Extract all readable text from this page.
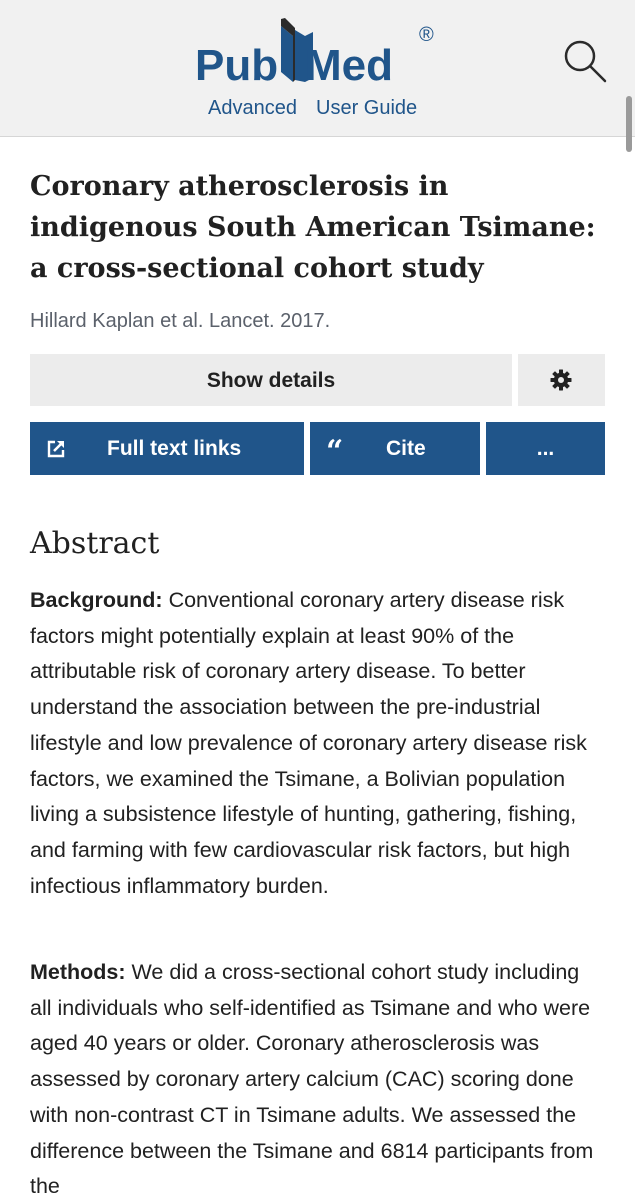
Pub Med
®
Advanced User Guide
Coronary atherosclerosis in indigenous South American Tsimane: a cross-sectional cohort study
Hillard Kaplan et al. Lancet. 2017.
Show details
Full text links	“ Cite	...
Abstract

Background: Conventional coronary artery disease risk factors might potentially explain at least 90% of the attributable risk of coronary artery disease. To better understand the association between the pre-industrial lifestyle and low prevalence of coronary artery disease risk factors, we examined the Tsimane, a Bolivian population living a subsistence lifestyle of hunting, gathering, fishing, and farming with few cardiovascular risk factors, but high infectious inflammatory burden.

Methods: We did a cross-sectional cohort study including all individuals who self-identified as Tsimane and who were aged 40 years or older. Coronary atherosclerosis was assessed by coronary artery calcium (CAC) scoring done with non-contrast CT in Tsimane adults. We assessed the difference between the Tsimane and 6814 participants from the
